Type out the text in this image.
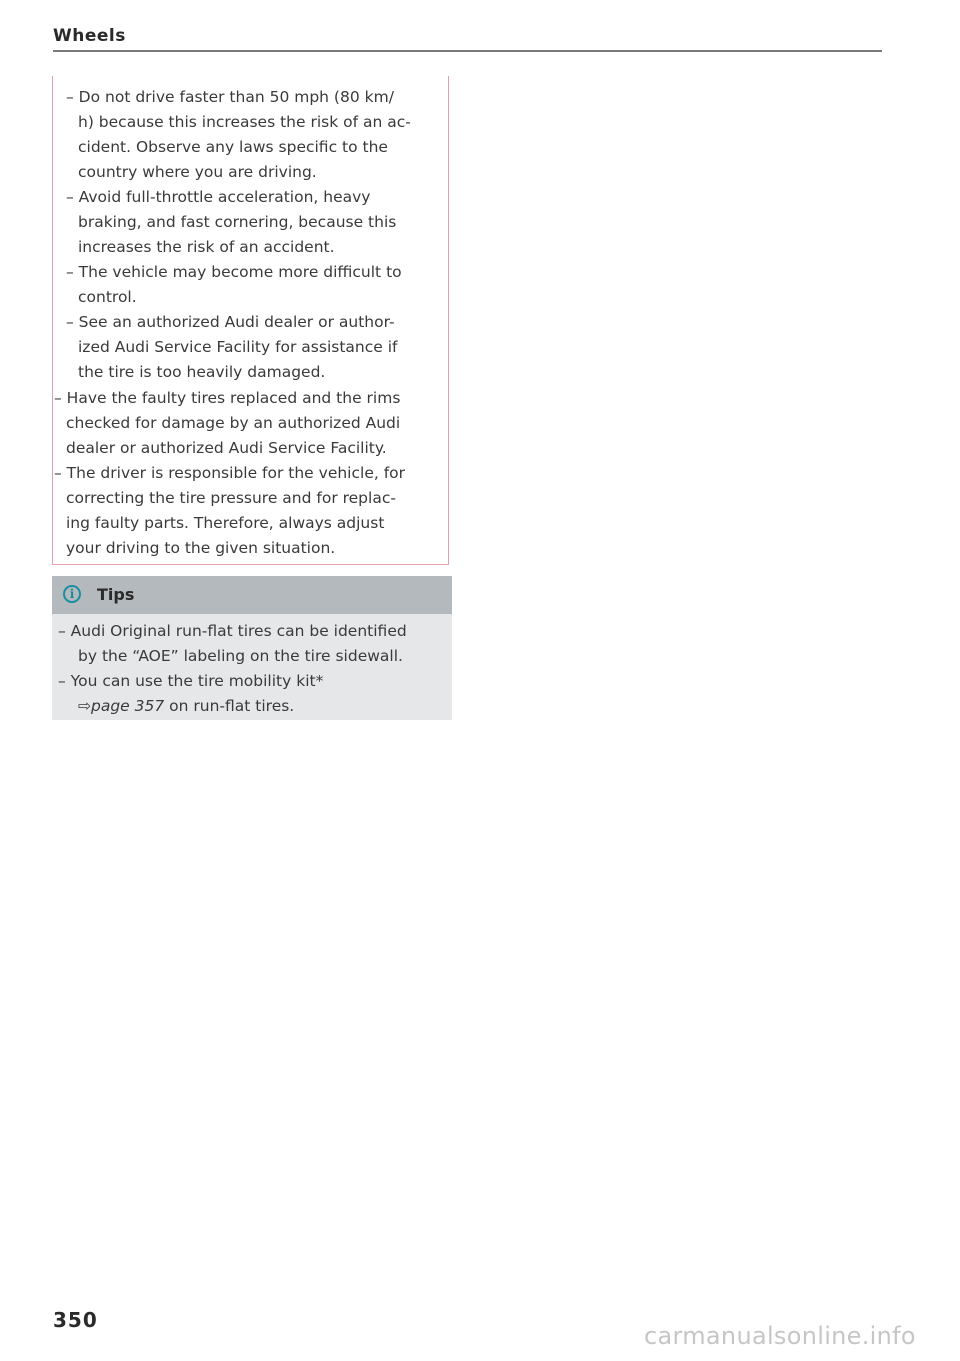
Wheels
– Do not drive faster than 50 mph (80 km/
h) because this increases the risk of an ac-
cident. Observe any laws specific to the
country where you are driving.
– Avoid full-throttle acceleration, heavy
braking, and fast cornering, because this
increases the risk of an accident.
– The vehicle may become more difficult to
control.
– See an authorized Audi dealer or author-
ized Audi Service Facility for assistance if
the tire is too heavily damaged.
– Have the faulty tires replaced and the rims
checked for damage by an authorized Audi
dealer or authorized Audi Service Facility.
– The driver is responsible for the vehicle, for
correcting the tire pressure and for replac-
ing faulty parts. Therefore, always adjust
your driving to the given situation.
i	Tips
– Audi Original run-flat tires can be identified
by the “AOE” labeling on the tire sidewall.
– You can use the tire mobility kit*
⇨page 357 on run-flat tires.
350
carmanualsonline.info
